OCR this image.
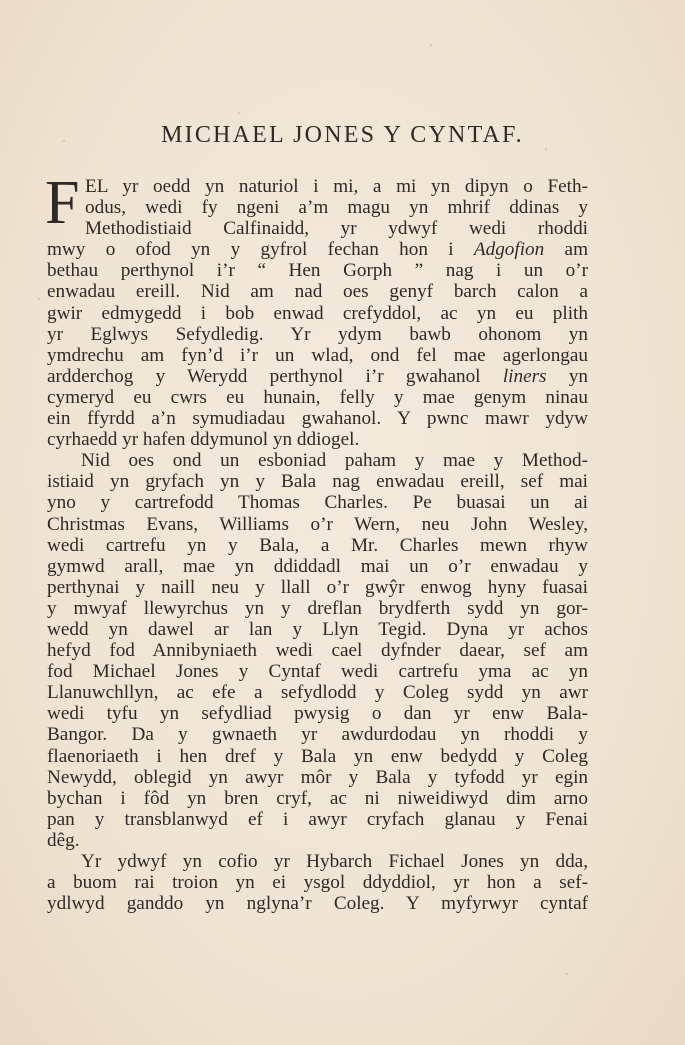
MICHAEL JONES Y CYNTAF.
F EL yr oedd yn naturiol i mi, a mi yn dipyn o Feth-
odus, wedi fy ngeni a’m magu yn mhrif ddinas y
Methodistiaid Calfinaidd, yr ydwyf wedi rhoddi
mwy o ofod yn y gyfrol fechan hon i Adgofion am
bethau perthynol i’r “ Hen Gorph ” nag i un o’r
enwadau ereill. Nid am nad oes genyf barch calon a
gwir edmygedd i bob enwad crefyddol, ac yn eu plith
yr Eglwys Sefydledig. Yr ydym bawb ohonom yn
ymdrechu am fyn’d i’r un wlad, ond fel mae agerlongau
ardderchog y Werydd perthynol i’r gwahanol liners yn
cymeryd eu cwrs eu hunain, felly y mae genym ninau
ein ffyrdd a’n symudiadau gwahanol. Y pwnc mawr ydyw
cyrhaedd yr hafen ddymunol yn ddiogel.
Nid oes ond un esboniad paham y mae y Method-
istiaid yn gryfach yn y Bala nag enwadau ereill, sef mai
yno y cartrefodd Thomas Charles. Pe buasai un ai
Christmas Evans, Williams o’r Wern, neu John Wesley,
wedi cartrefu yn y Bala, a Mr. Charles mewn rhyw
gymwd arall, mae yn ddiddadl mai un o’r enwadau y
perthynai y naill neu y llall o’r gwŷr enwog hyny fuasai
y mwyaf llewyrchus yn y dreflan brydferth sydd yn gor-
wedd yn dawel ar lan y Llyn Tegid. Dyna yr achos
hefyd fod Annibyniaeth wedi cael dyfnder daear, sef am
fod Michael Jones y Cyntaf wedi cartrefu yma ac yn
Llanuwchllyn, ac efe a sefydlodd y Coleg sydd yn awr
wedi tyfu yn sefydliad pwysig o dan yr enw Bala-
Bangor. Da y gwnaeth yr awdurdodau yn rhoddi y
flaenoriaeth i hen dref y Bala yn enw bedydd y Coleg
Newydd, oblegid yn awyr môr y Bala y tyfodd yr egin
bychan i fôd yn bren cryf, ac ni niweidiwyd dim arno
pan y transblanwyd ef i awyr cryfach glanau y Fenai
dêg.
Yr ydwyf yn cofio yr Hybarch Fichael Jones yn dda,
a buom rai troion yn ei ysgol ddyddiol, yr hon a sef-
ydlwyd ganddo yn nglyna’r Coleg. Y myfyrwyr cyntaf
